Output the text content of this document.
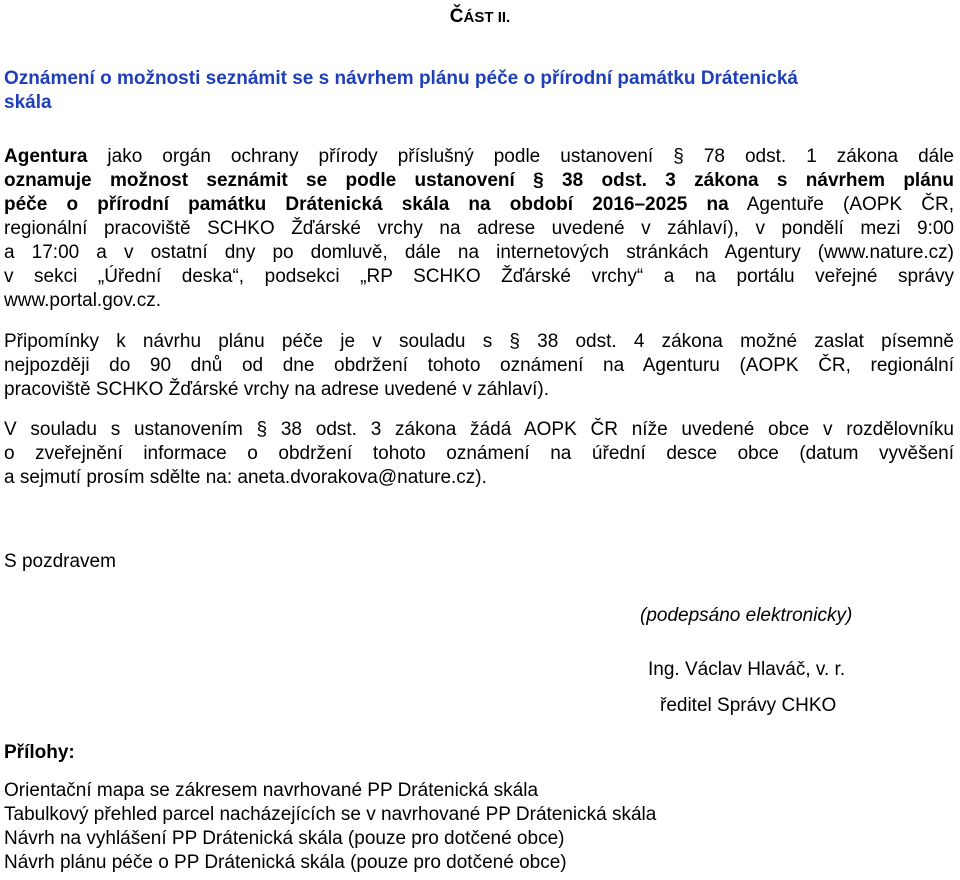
ČÁST II.
Oznámení o možnosti seznámit se s návrhem plánu péče o přírodní památku Drátenická
skála
Agentura jako orgán ochrany přírody příslušný podle ustanovení § 78 odst. 1 zákona dále
oznamuje možnost seznámit se podle ustanovení § 38 odst. 3 zákona s návrhem plánu
péče o přírodní památku Drátenická skála na období 2016–2025 na Agentuře (AOPK ČR,
regionální pracoviště SCHKO Žďárské vrchy na adrese uvedené v záhlaví), v pondělí mezi 9:00
a 17:00 a v ostatní dny po domluvě, dále na internetových stránkách Agentury (www.nature.cz)
v sekci „Úřední deska“, podsekci „RP SCHKO Žďárské vrchy“ a na portálu veřejné správy
www.portal.gov.cz.
Připomínky k návrhu plánu péče je v souladu s § 38 odst. 4 zákona možné zaslat písemně
nejpozději do 90 dnů od dne obdržení tohoto oznámení na Agenturu (AOPK ČR, regionální
pracoviště SCHKO Žďárské vrchy na adrese uvedené v záhlaví).
V souladu s ustanovením § 38 odst. 3 zákona žádá AOPK ČR níže uvedené obce v rozdělovníku
o zveřejnění informace o obdržení tohoto oznámení na úřední desce obce (datum vyvěšení
a sejmutí prosím sdělte na: aneta.dvorakova@nature.cz).
S pozdravem
(podepsáno elektronicky)
Ing. Václav Hlaváč, v. r.
ředitel Správy CHKO
Přílohy:
Orientační mapa se zákresem navrhované PP Drátenická skála
Tabulkový přehled parcel nacházejících se v navrhované PP Drátenická skála
Návrh na vyhlášení PP Drátenická skála (pouze pro dotčené obce)
Návrh plánu péče o PP Drátenická skála (pouze pro dotčené obce)
